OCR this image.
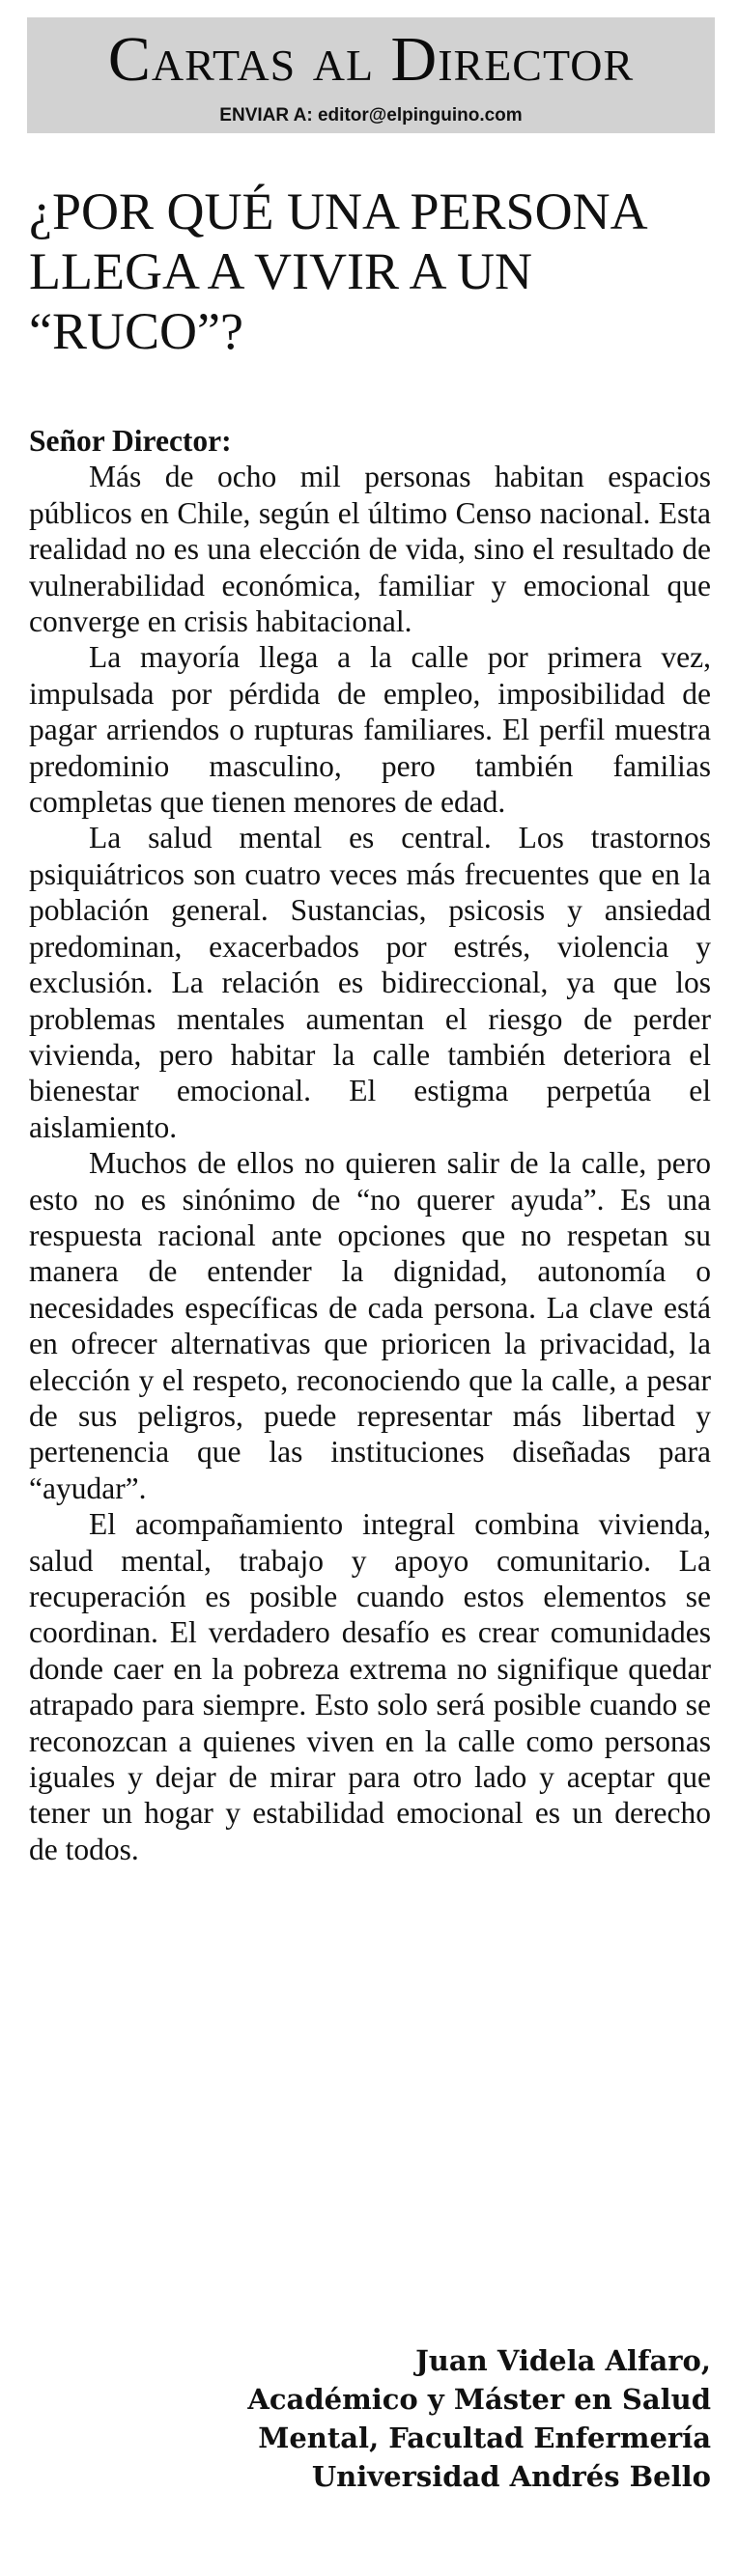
Cartas al Director
ENVIAR A: editor@elpinguino.com
¿POR QUÉ UNA PERSONA LLEGA A VIVIR A UN “RUCO”?

Señor Director:

Más de ocho mil personas habitan espacios públicos en Chile, según el último Censo nacional. Esta realidad no es una elección de vida, sino el resultado de vulnerabilidad económica, familiar y emocional que converge en crisis habitacional.

La mayoría llega a la calle por primera vez, impulsada por pérdida de empleo, imposibilidad de pagar arriendos o rupturas familiares. El perfil muestra predominio masculino, pero también familias completas que tienen menores de edad.

La salud mental es central. Los trastornos psiquiátricos son cuatro veces más frecuentes que en la población general. Sustancias, psicosis y ansiedad predominan, exacerbados por estrés, violencia y exclusión. La relación es bidireccional, ya que los problemas mentales aumentan el riesgo de perder vivienda, pero habitar la calle también deteriora el bienestar emocional. El estigma perpetúa el aislamiento.

Muchos de ellos no quieren salir de la calle, pero esto no es sinónimo de “no querer ayuda”. Es una respuesta racional ante opciones que no respetan su manera de entender la dignidad, autonomía o necesidades específicas de cada persona. La clave está en ofrecer alternativas que prioricen la privacidad, la elección y el respeto, reconociendo que la calle, a pesar de sus peligros, puede representar más libertad y pertenencia que las instituciones diseñadas para “ayudar”.

El acompañamiento integral combina vivienda, salud mental, trabajo y apoyo comunitario. La recuperación es posible cuando estos elementos se coordinan. El verdadero desafío es crear comunidades donde caer en la pobreza extrema no signifique quedar atrapado para siempre. Esto solo será posible cuando se reconozcan a quienes viven en la calle como personas iguales y dejar de mirar para otro lado y aceptar que tener un hogar y estabilidad emocional es un derecho de todos.

Juan Videla Alfaro,
Académico y Máster en Salud
Mental, Facultad Enfermería
Universidad Andrés Bello
